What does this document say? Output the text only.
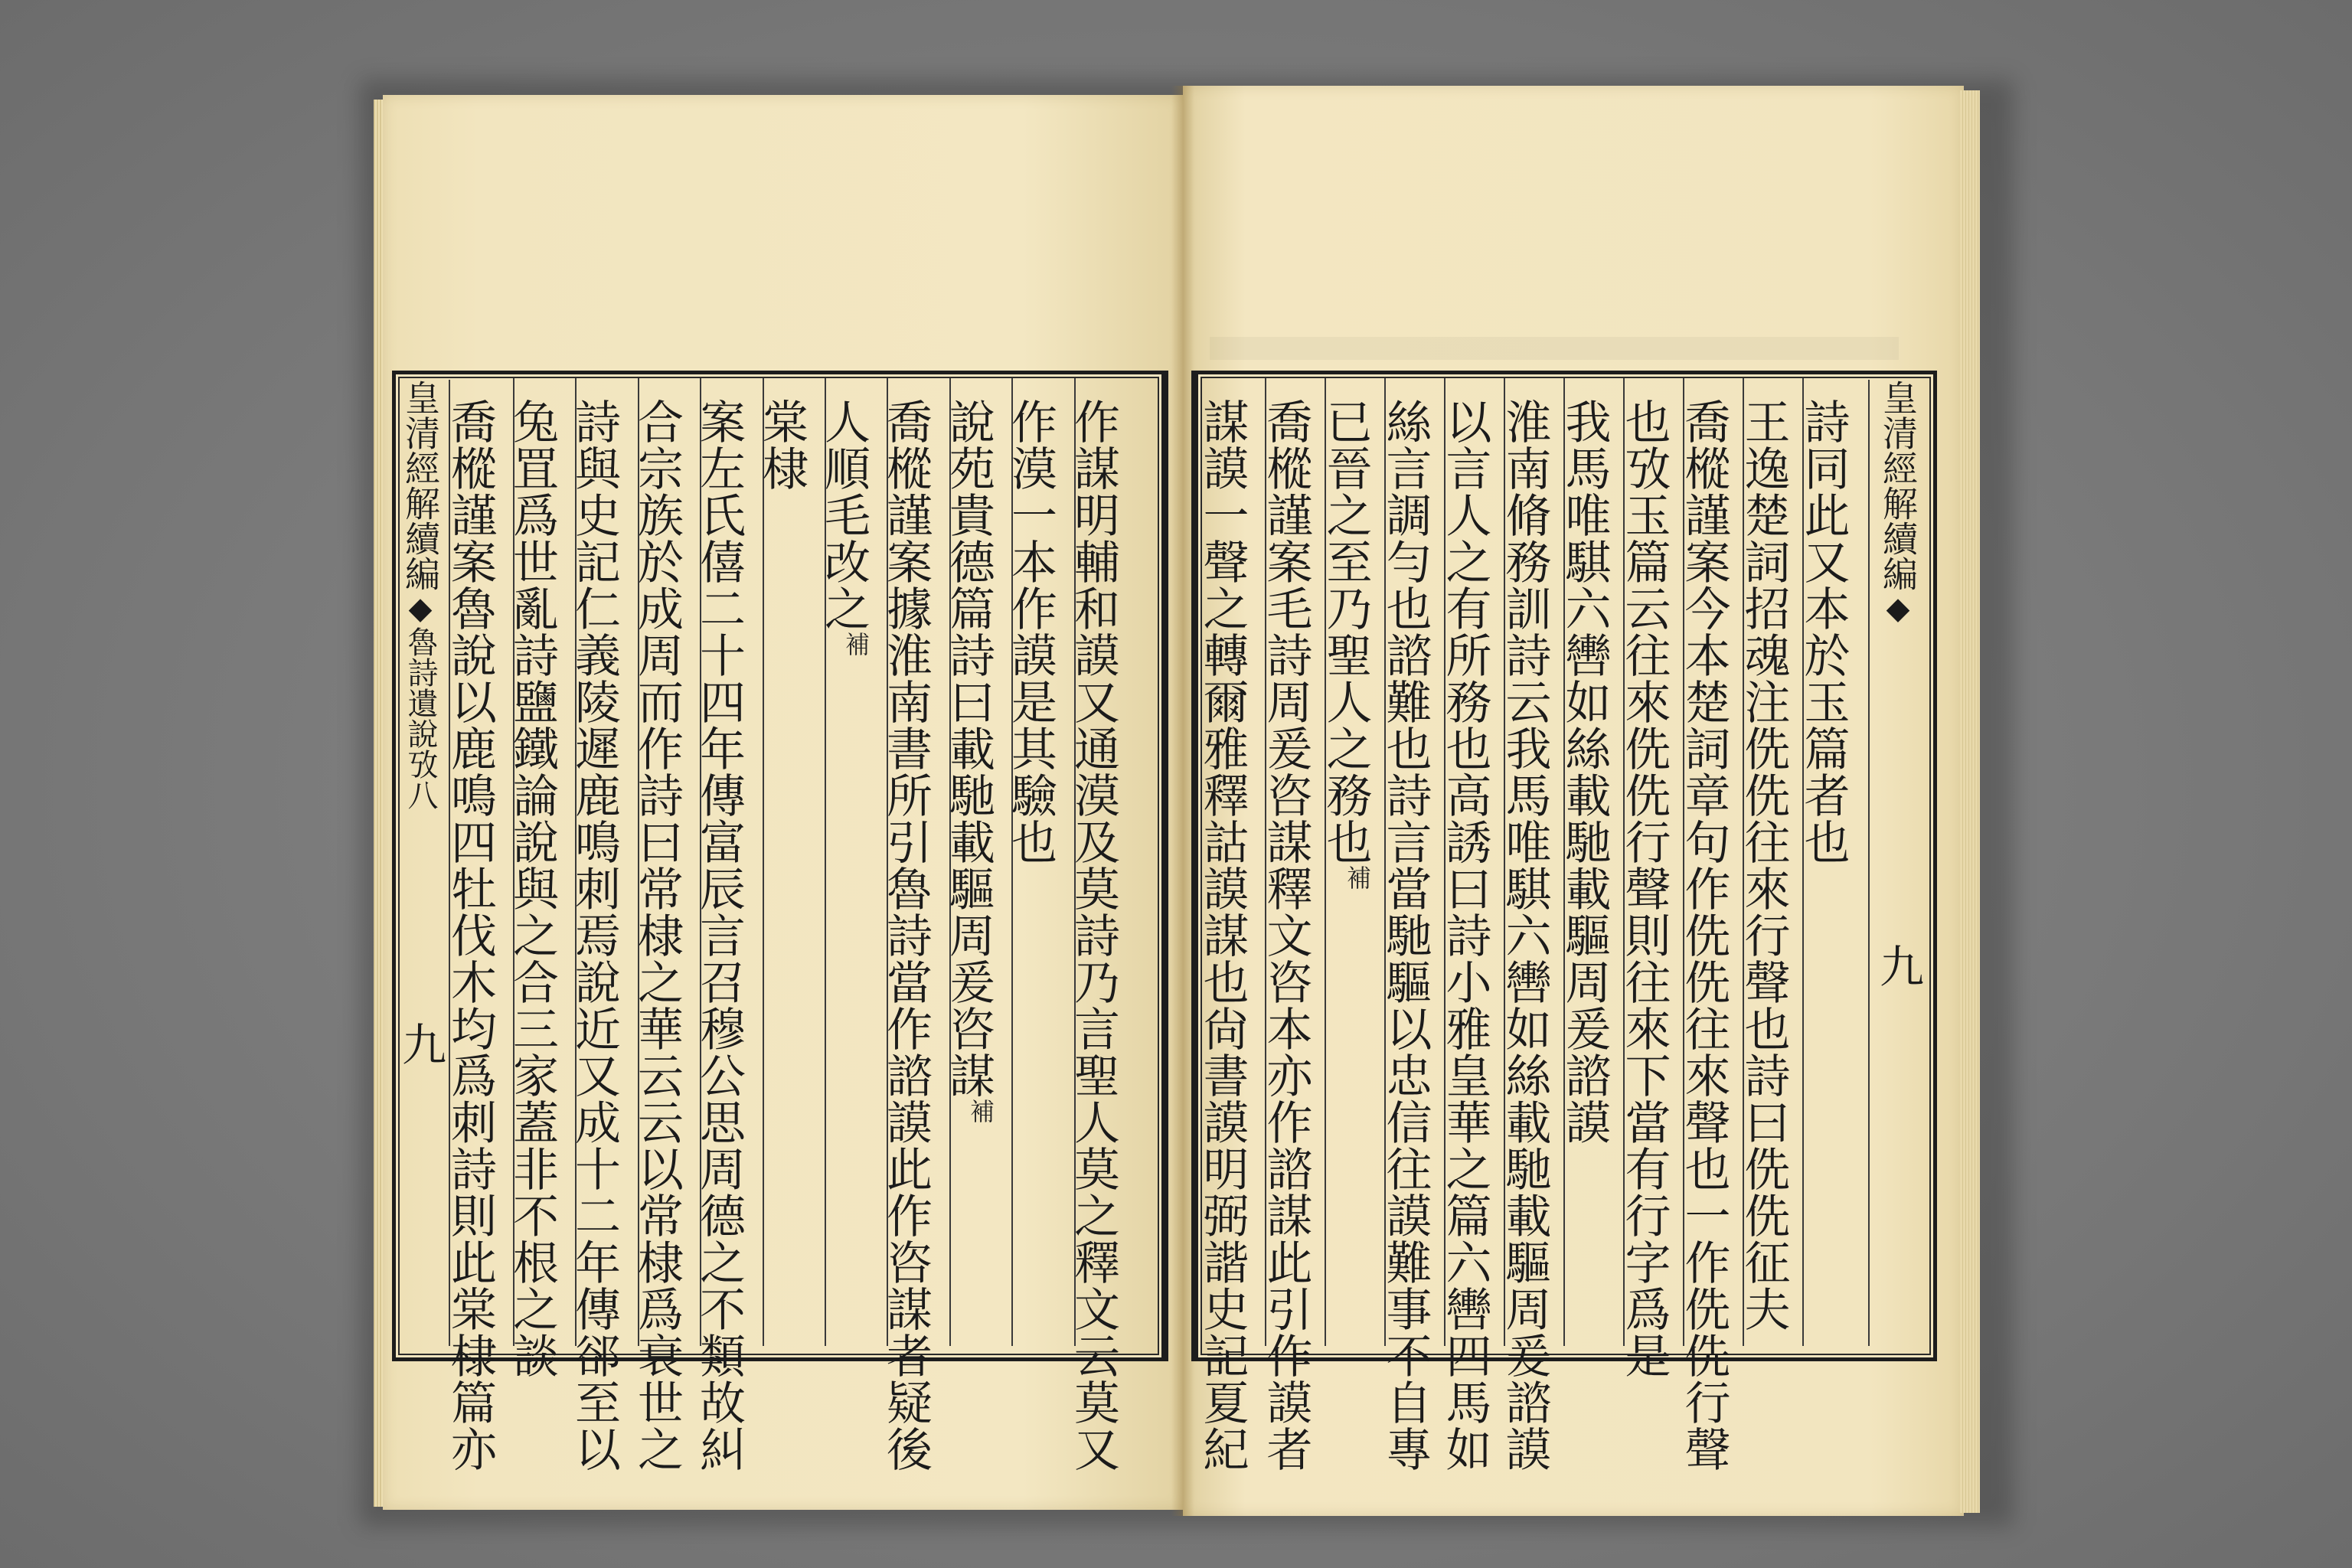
皇清經解續編◆魯詩遺說攷八　　　　　　九	作謀明輔和謨又通漠及莫詩乃言聖人莫之釋文云莫又
作漠一本作謨是其驗也
說苑貴德篇詩曰載馳載驅周爰咨謀補
喬樅謹案據淮南書所引魯詩當作諮謨此作咨謀者疑後
人順毛改之補
棠棣
案左氏僖二十四年傳富辰言召穆公思周德之不類故糾
合宗族於成周而作詩曰常棣之華云云以常棣爲衰世之
詩與史記仁義陵遲鹿鳴刺焉說近又成十二年傳郤至以
兔罝爲世亂詩鹽鐵論說與之合三家蓋非不根之談
喬樅謹案魯說以鹿鳴四牡伐木均爲刺詩則此棠棣篇亦	皇清經解續編◆　　　　　　　　　九
詩同此又本於玉篇者也
王逸楚詞招魂注侁侁往來行聲也詩曰侁侁征夫
喬樅謹案今本楚詞章句作侁侁往來聲也一作侁侁行聲
也攷玉篇云往來侁侁行聲則往來下當有行字爲是
我馬唯騏六轡如絲載馳載驅周爰諮謨
淮南脩務訓詩云我馬唯騏六轡如絲載馳載驅周爰諮謨
以言人之有所務也高誘曰詩小雅皇華之篇六轡四馬如
絲言調勻也諮難也詩言當馳驅以忠信往謨難事不自專
已晉之至乃聖人之務也補
喬樅謹案毛詩周爰咨謀釋文咨本亦作諮謀此引作謨者
謀謨一聲之轉爾雅釋詁謨謀也尙書謨明弼諧史記夏紀
